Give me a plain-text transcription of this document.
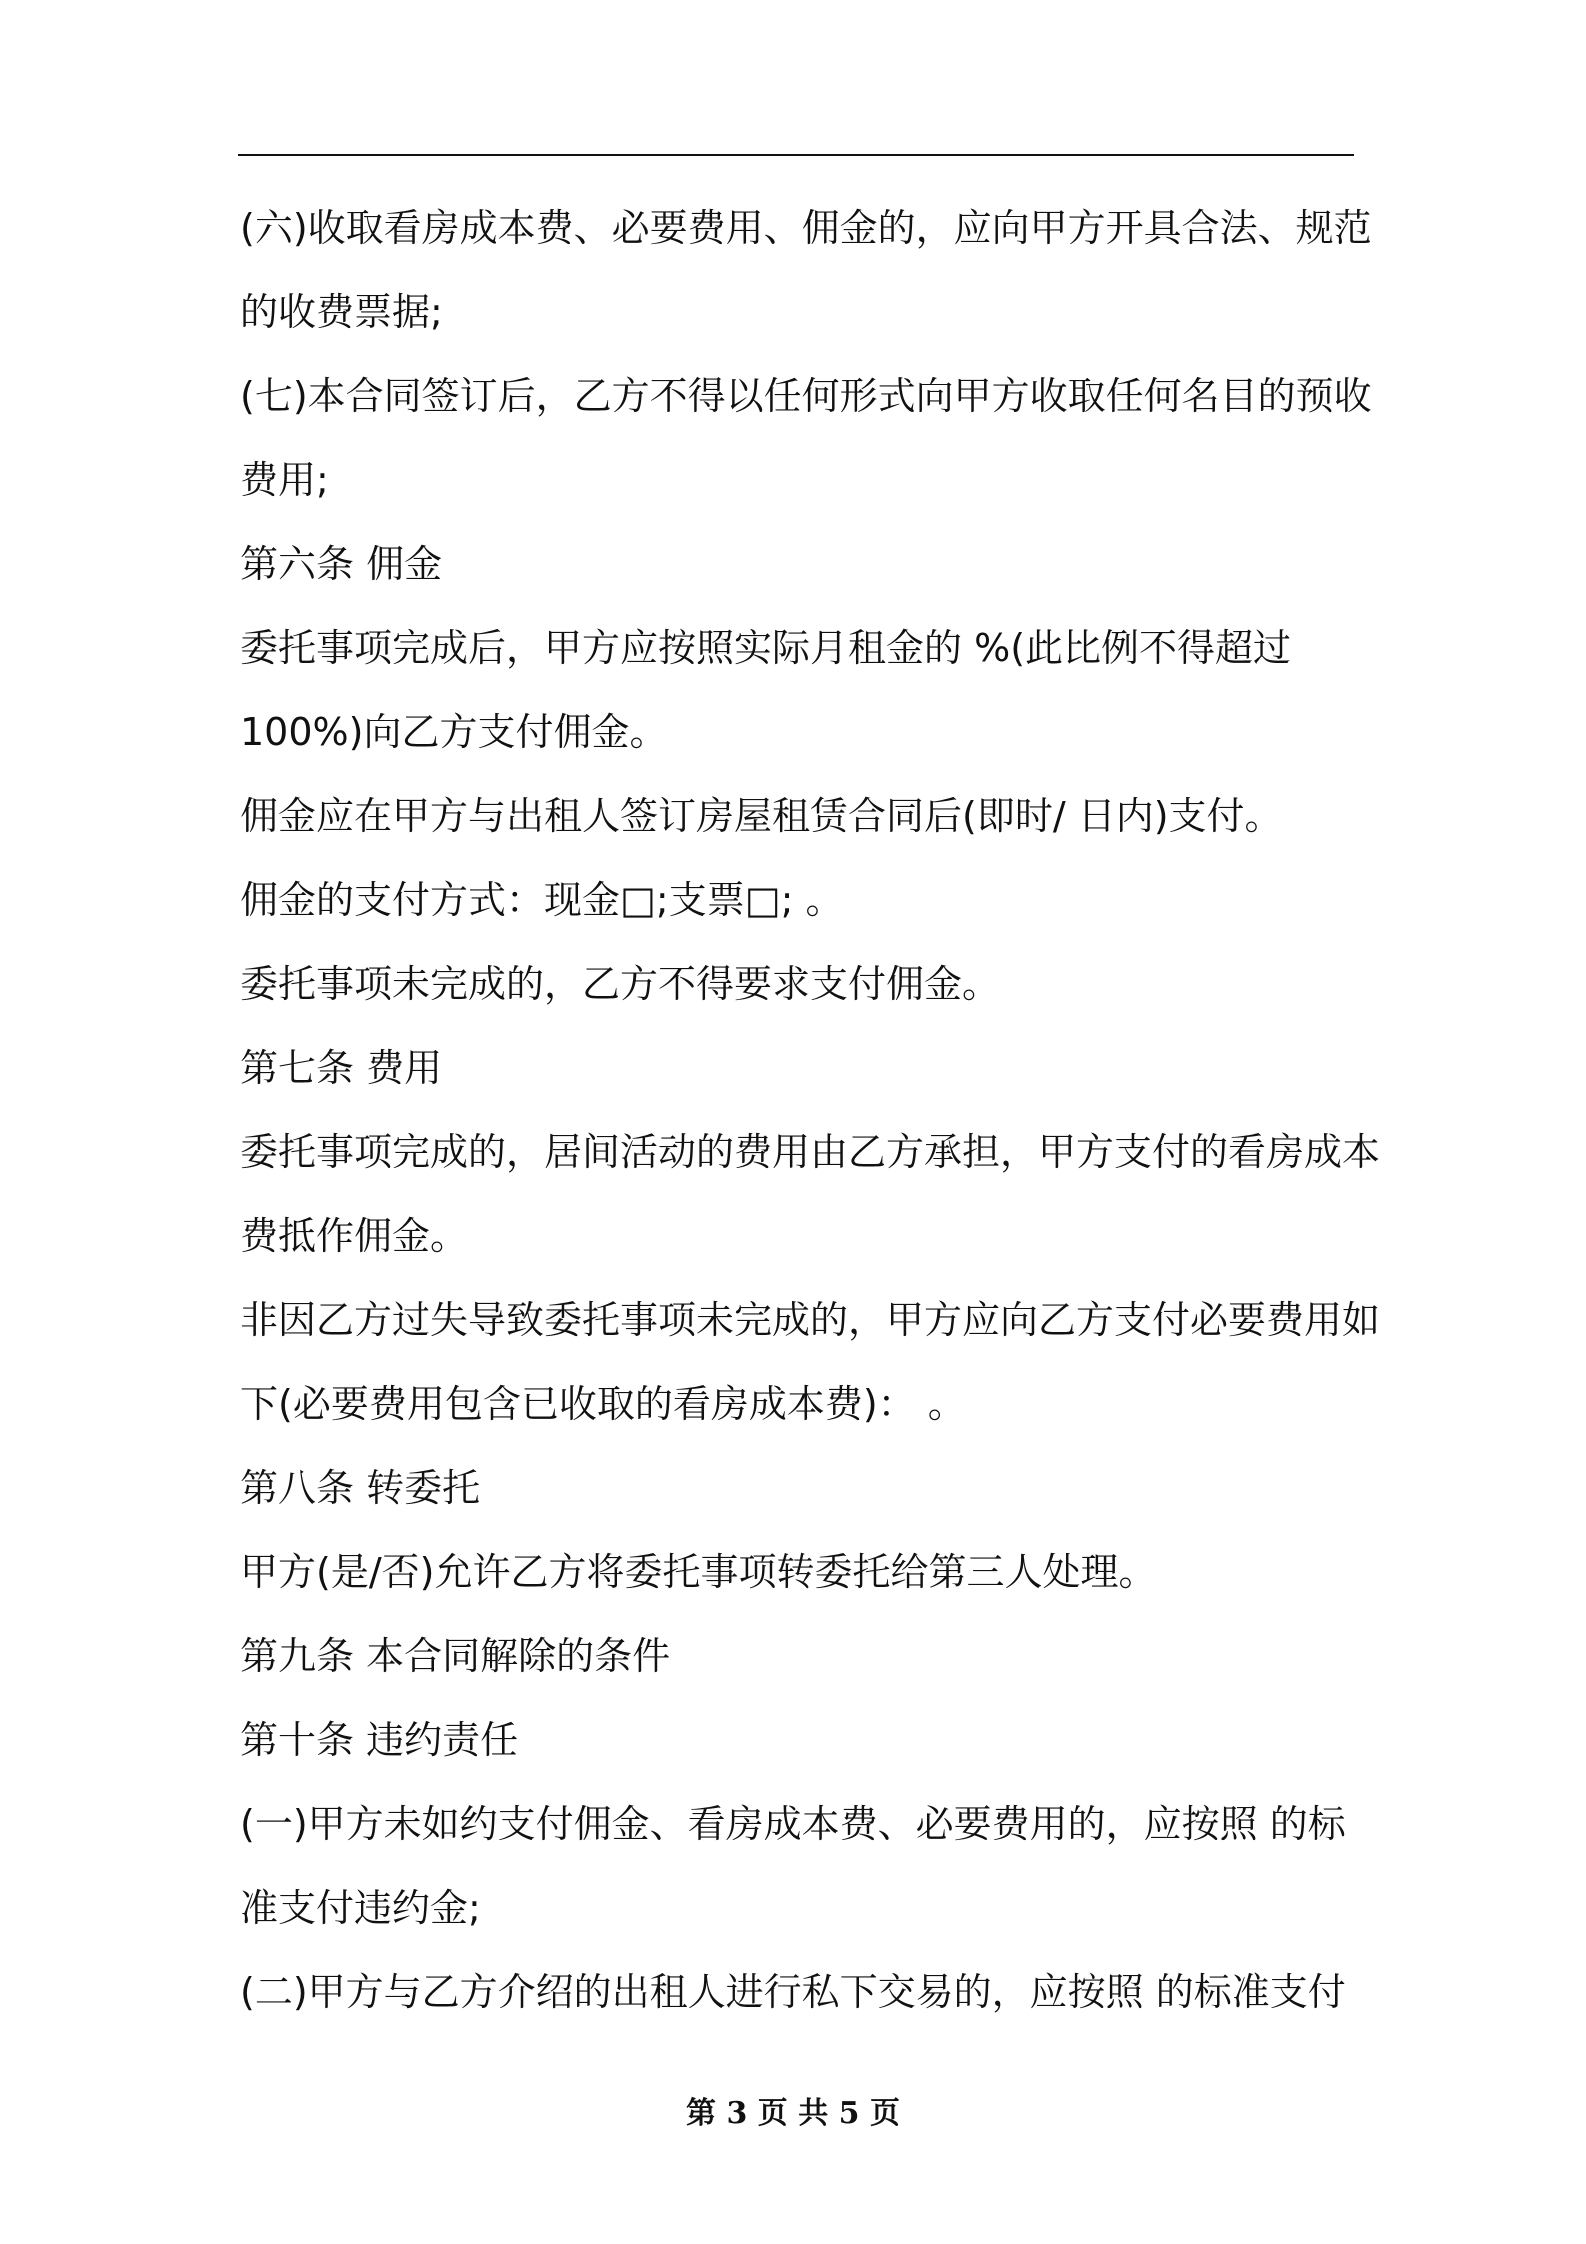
(六)收取看房成本费、必要费用、佣金的，应向甲方开具合法、规范
的收费票据;
(七)本合同签订后，乙方不得以任何形式向甲方收取任何名目的预收
费用;
第六条 佣金
委托事项完成后，甲方应按照实际月租金的 %(此比例不得超过
100%)向乙方支付佣金。
佣金应在甲方与出租人签订房屋租赁合同后(即时/ 日内)支付。
佣金的支付方式：现金□;支票□; 。
委托事项未完成的，乙方不得要求支付佣金。
第七条 费用
委托事项完成的，居间活动的费用由乙方承担，甲方支付的看房成本
费抵作佣金。
非因乙方过失导致委托事项未完成的，甲方应向乙方支付必要费用如
下(必要费用包含已收取的看房成本费)： 。
第八条 转委托
甲方(是/否)允许乙方将委托事项转委托给第三人处理。
第九条 本合同解除的条件
第十条 违约责任
(一)甲方未如约支付佣金、看房成本费、必要费用的，应按照 的标
准支付违约金;
(二)甲方与乙方介绍的出租人进行私下交易的，应按照 的标准支付
第 3 页 共 5 页
